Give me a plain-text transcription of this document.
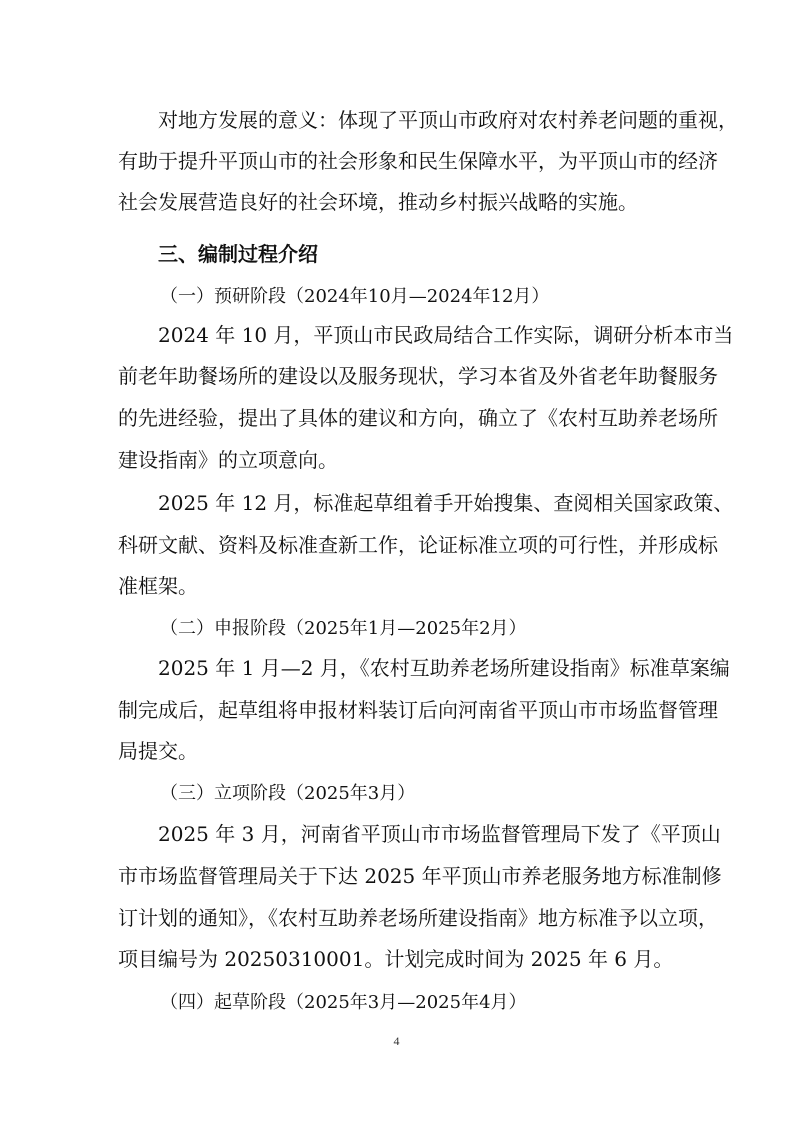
对地方发展的意义：体现了平顶山市政府对农村养老问题的重视，
有助于提升平顶山市的社会形象和民生保障水平，为平顶山市的经济
社会发展营造良好的社会环境，推动乡村振兴战略的实施。
三、编制过程介绍
（一）预研阶段（2024年10月—2024年12月）
2024 年 10 月，平顶山市民政局结合工作实际，调研分析本市当
前老年助餐场所的建设以及服务现状，学习本省及外省老年助餐服务
的先进经验，提出了具体的建议和方向，确立了《农村互助养老场所
建设指南》的立项意向。
2025 年 12 月，标准起草组着手开始搜集、查阅相关国家政策、
科研文献、资料及标准查新工作，论证标准立项的可行性，并形成标
准框架。
（二）申报阶段（2025年1月—2025年2月）
2025 年 1 月—2 月，《农村互助养老场所建设指南》标准草案编
制完成后，起草组将申报材料装订后向河南省平顶山市市场监督管理
局提交。
（三）立项阶段（2025年3月）
2025 年 3 月，河南省平顶山市市场监督管理局下发了《平顶山
市市场监督管理局关于下达 2025 年平顶山市养老服务地方标准制修
订计划的通知》，《农村互助养老场所建设指南》地方标准予以立项，
项目编号为 20250310001。计划完成时间为 2025 年 6 月。
（四）起草阶段（2025年3月—2025年4月）
4
